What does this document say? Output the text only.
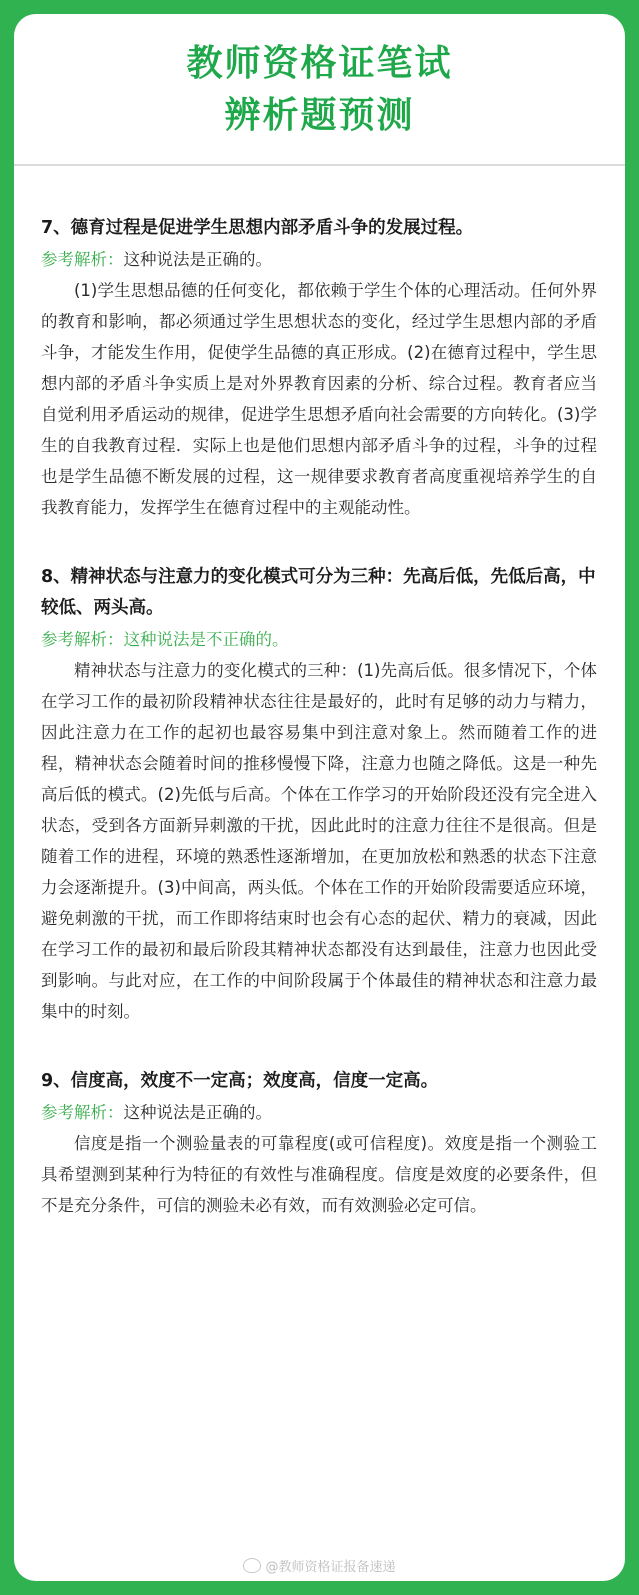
教师资格证笔试
辨析题预测
7、德育过程是促进学生思想内部矛盾斗争的发展过程。
参考解析：这种说法是正确的。
(1)学生思想品德的任何变化，都依赖于学生个体的心理活动。任何外界的教育和影响，都必须通过学生思想状态的变化，经过学生思想内部的矛盾斗争，才能发生作用，促使学生品德的真正形成。(2)在德育过程中，学生思想内部的矛盾斗争实质上是对外界教育因素的分析、综合过程。教育者应当自觉利用矛盾运动的规律，促进学生思想矛盾向社会需要的方向转化。(3)学生的自我教育过程．实际上也是他们思想内部矛盾斗争的过程，斗争的过程也是学生品德不断发展的过程，这一规律要求教育者高度重视培养学生的自我教育能力，发挥学生在德育过程中的主观能动性。
8、精神状态与注意力的变化模式可分为三种：先高后低，先低后高，中较低、两头高。
参考解析：这种说法是不正确的。
精神状态与注意力的变化模式的三种：(1)先高后低。很多情况下，个体在学习工作的最初阶段精神状态往往是最好的，此时有足够的动力与精力，因此注意力在工作的起初也最容易集中到注意对象上。然而随着工作的进程，精神状态会随着时间的推移慢慢下降，注意力也随之降低。这是一种先高后低的模式。(2)先低与后高。个体在工作学习的开始阶段还没有完全进入状态，受到各方面新异刺激的干扰，因此此时的注意力往往不是很高。但是随着工作的进程，环境的熟悉性逐渐增加，在更加放松和熟悉的状态下注意力会逐渐提升。(3)中间高，两头低。个体在工作的开始阶段需要适应环境，避免刺激的干扰，而工作即将结束时也会有心态的起伏、精力的衰减，因此在学习工作的最初和最后阶段其精神状态都没有达到最佳，注意力也因此受到影响。与此对应，在工作的中间阶段属于个体最佳的精神状态和注意力最集中的时刻。
9、信度高，效度不一定高；效度高，信度一定高。
参考解析：这种说法是正确的。
信度是指一个测验量表的可靠程度(或可信程度)。效度是指一个测验工具希望测到某种行为特征的有效性与准确程度。信度是效度的必要条件，但不是充分条件，可信的测验未必有效，而有效测验必定可信。
@教师资格证报备速递
